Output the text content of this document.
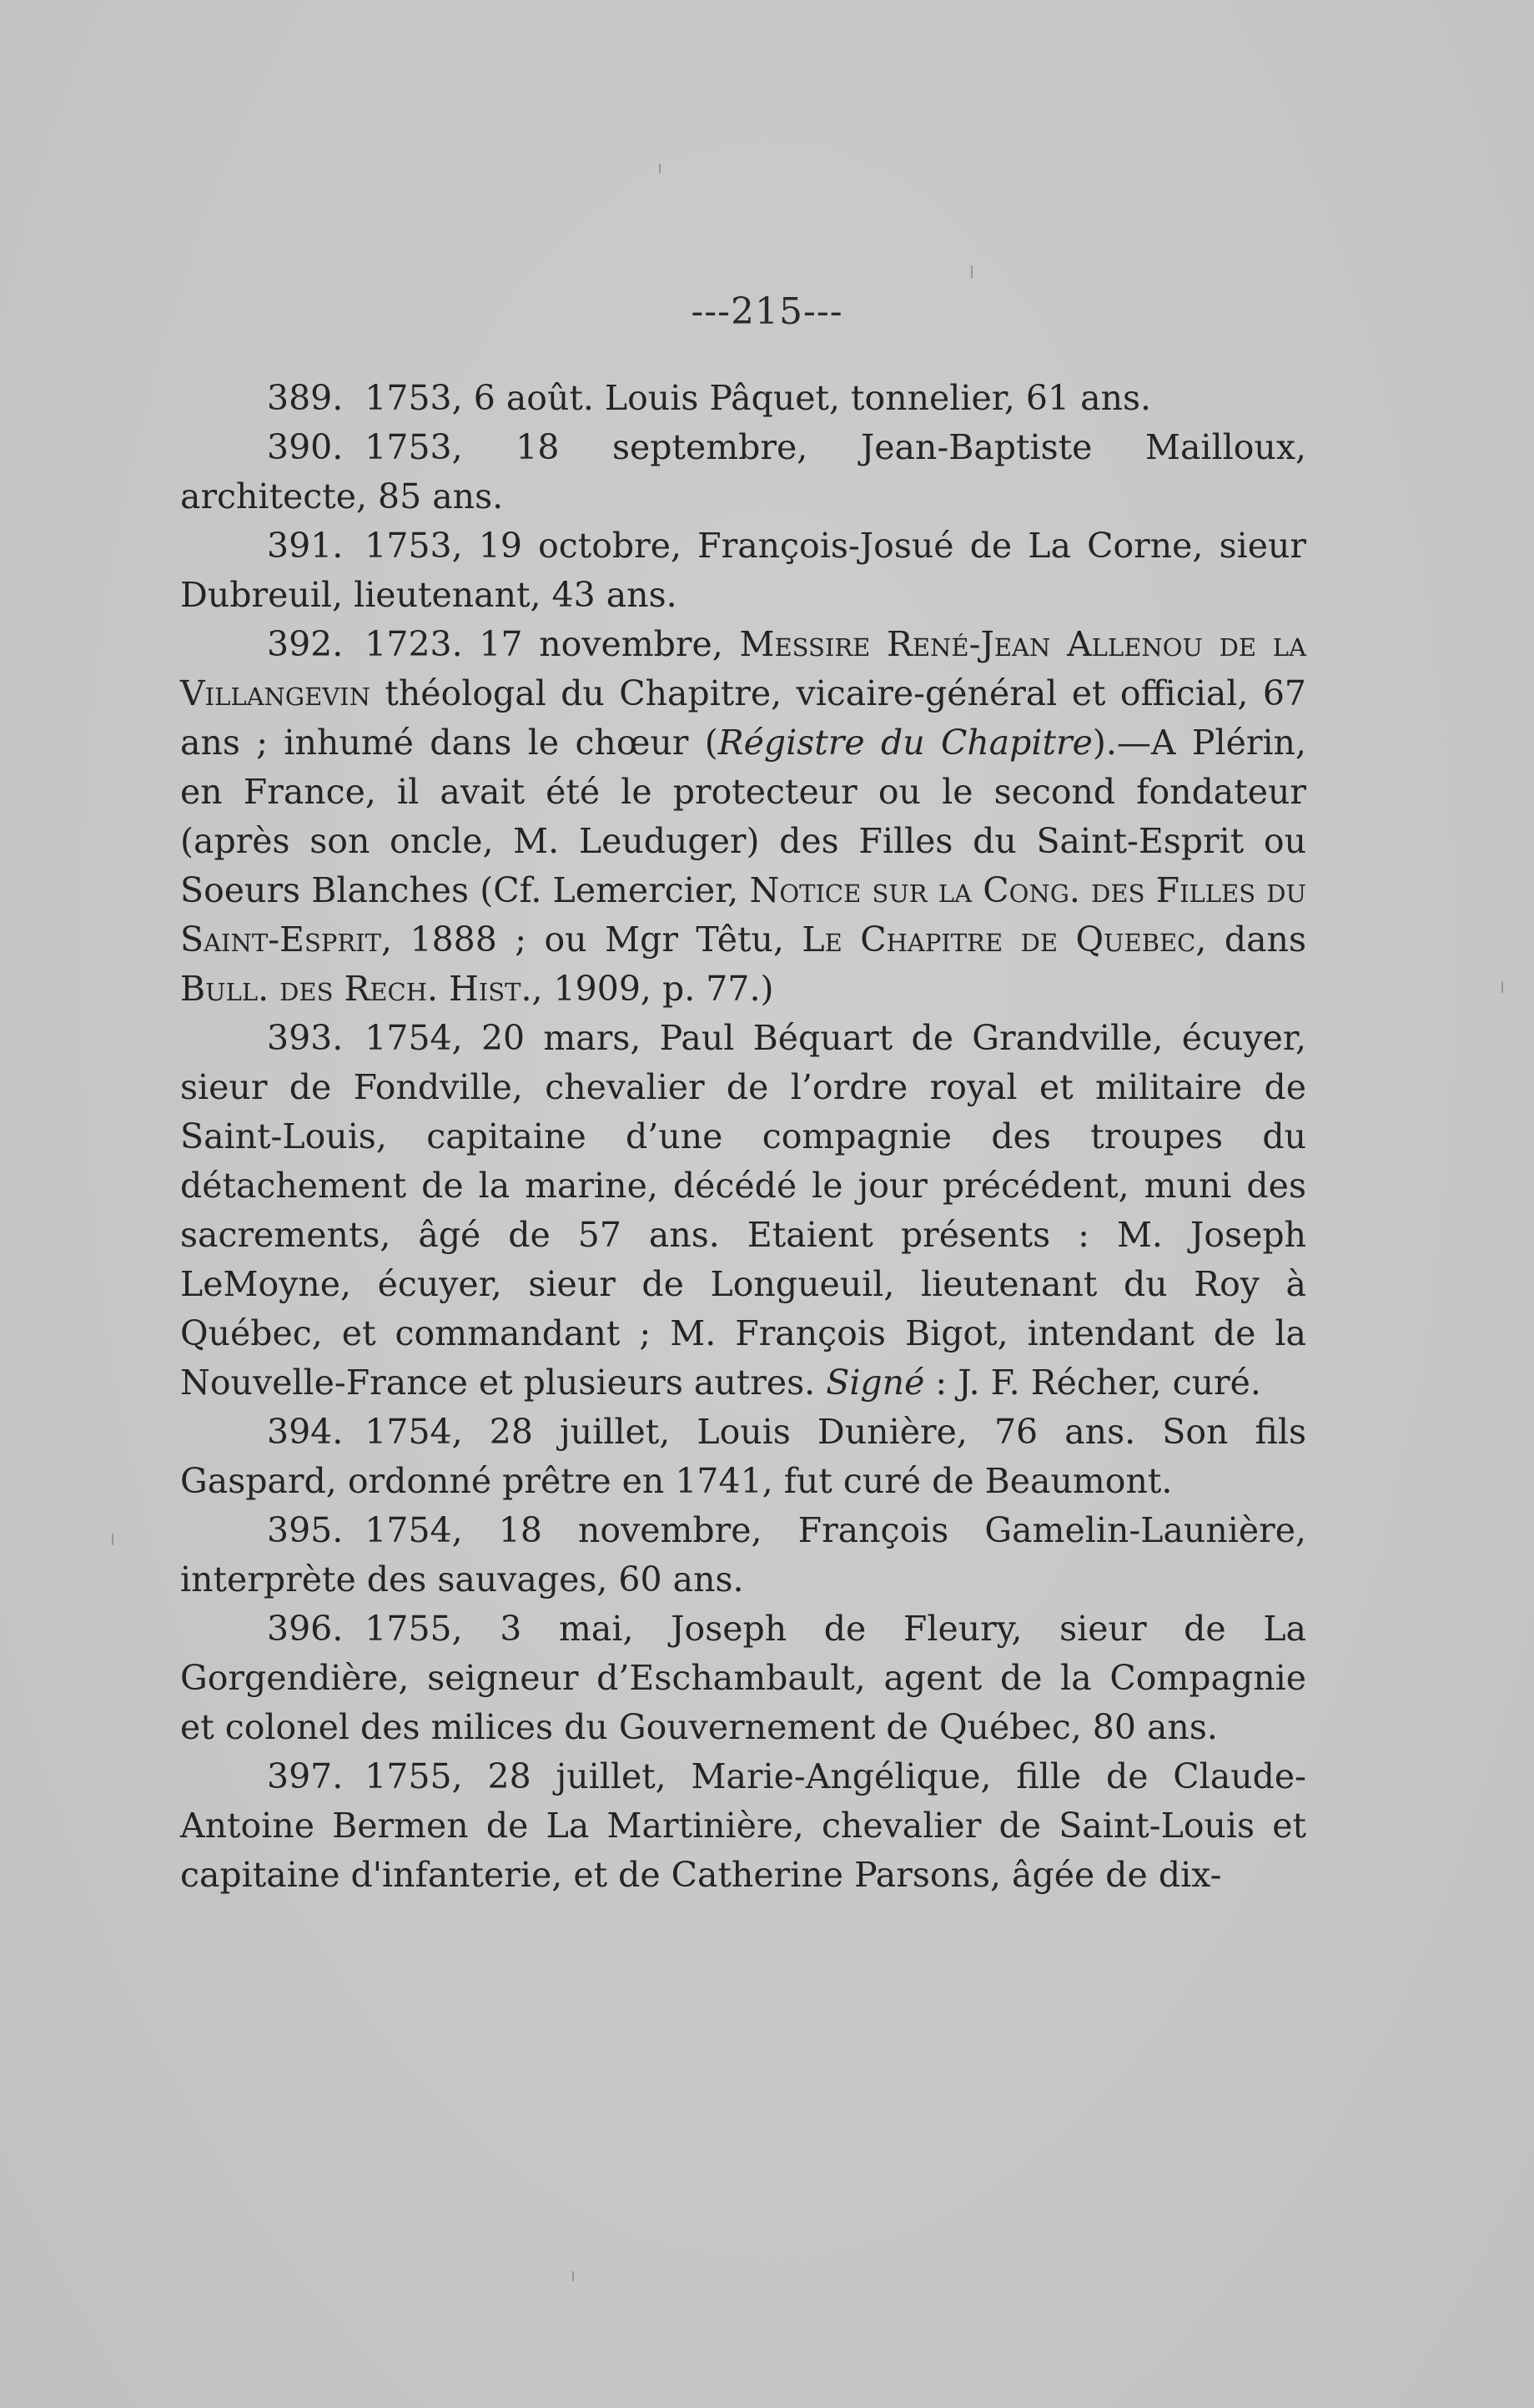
---215---

389. 1753, 6 août. Louis Pâquet, tonnelier, 61 ans.

390. 1753, 18 septembre, Jean-Baptiste Mailloux, architecte, 85 ans.

391. 1753, 19 octobre, François-Josué de La Corne, sieur Dubreuil, lieutenant, 43 ans.

392. 1723. 17 novembre, Messire René-Jean Allenou de la Villangevin théologal du Chapitre, vicaire-général et official, 67 ans ; inhumé dans le chœur (Régistre du Chapitre).—A Plérin, en France, il avait été le protecteur ou le second fondateur (après son oncle, M. Leuduger) des Filles du Saint-Esprit ou Soeurs Blanches (Cf. Lemercier, Notice sur la Cong. des Filles du Saint-Esprit, 1888 ; ou Mgr Têtu, Le Chapitre de Quebec, dans Bull. des Rech. Hist., 1909, p. 77.)

393. 1754, 20 mars, Paul Béquart de Grandville, écuyer, sieur de Fondville, chevalier de l’ordre royal et militaire de Saint-Louis, capitaine d’une compagnie des troupes du détachement de la marine, décédé le jour précédent, muni des sacrements, âgé de 57 ans. Etaient présents : M. Joseph LeMoyne, écuyer, sieur de Longueuil, lieutenant du Roy à Québec, et commandant ; M. François Bigot, intendant de la Nouvelle-France et plusieurs autres. Signé : J. F. Récher, curé.

394. 1754, 28 juillet, Louis Dunière, 76 ans. Son fils Gaspard, ordonné prêtre en 1741, fut curé de Beaumont.

395. 1754, 18 novembre, François Gamelin-Launière, interprète des sauvages, 60 ans.

396. 1755, 3 mai, Joseph de Fleury, sieur de La Gorgendière, seigneur d’Eschambault, agent de la Compagnie et colonel des milices du Gouvernement de Québec, 80 ans.

397. 1755, 28 juillet, Marie-Angélique, fille de Claude-Antoine Bermen de La Martinière, chevalier de Saint-Louis et capitaine d'infanterie, et de Catherine Parsons, âgée de dix-
